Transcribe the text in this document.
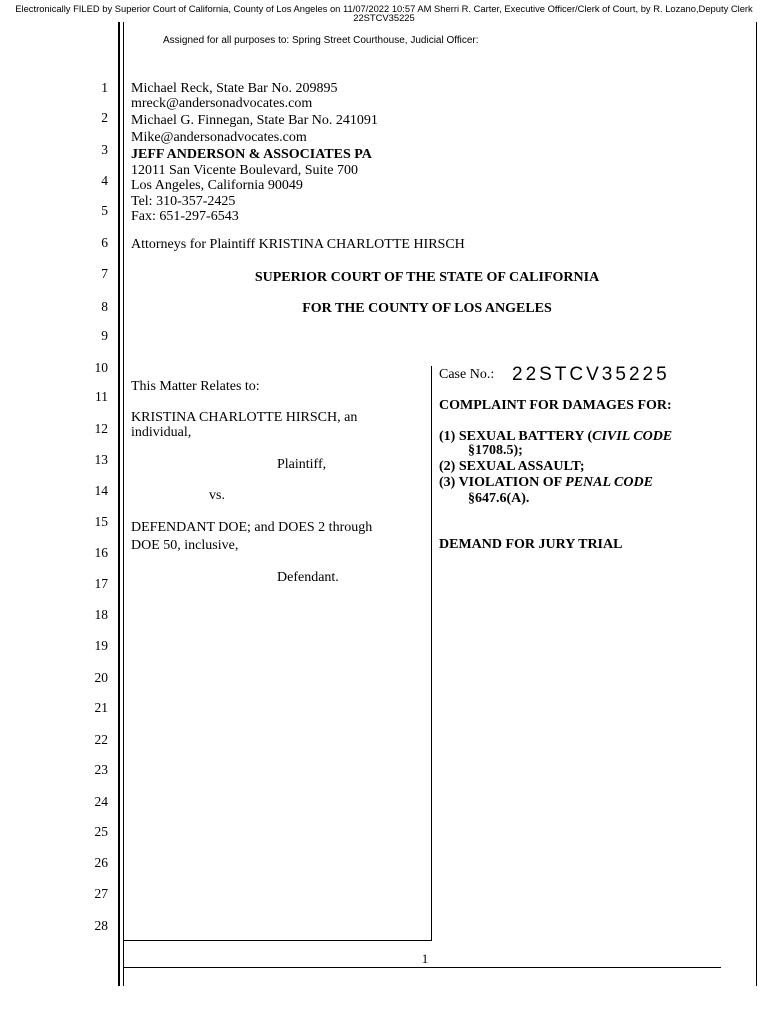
Electronically FILED by Superior Court of California, County of Los Angeles on 11/07/2022 10:57 AM Sherri R. Carter, Executive Officer/Clerk of Court, by R. Lozano,Deputy Clerk
22STCV35225
Assigned for all purposes to: Spring Street Courthouse, Judicial Officer:
1
2
3
4
5
6
7
8
9
10
11
12
13
14
15
16
17
18
19
20
21
22
23
24
25
26
27
28
Michael Reck, State Bar No. 209895
mreck@andersonadvocates.com
Michael G. Finnegan, State Bar No. 241091
Mike@andersonadvocates.com
JEFF ANDERSON & ASSOCIATES PA
12011 San Vicente Boulevard, Suite 700
Los Angeles, California 90049
Tel: 310-357-2425
Fax: 651-297-6543
Attorneys for Plaintiff KRISTINA CHARLOTTE HIRSCH
SUPERIOR COURT OF THE STATE OF CALIFORNIA
FOR THE COUNTY OF LOS ANGELES
This Matter Relates to:
KRISTINA CHARLOTTE HIRSCH, an
individual,
Plaintiff,
vs.
DEFENDANT DOE; and DOES 2 through
DOE 50, inclusive,
Defendant.
Case No.: 22STCV35225
COMPLAINT FOR DAMAGES FOR:
(1) SEXUAL BATTERY (CIVIL CODE
§1708.5);
(2) SEXUAL ASSAULT;
(3) VIOLATION OF PENAL CODE
§647.6(A).
DEMAND FOR JURY TRIAL
1
